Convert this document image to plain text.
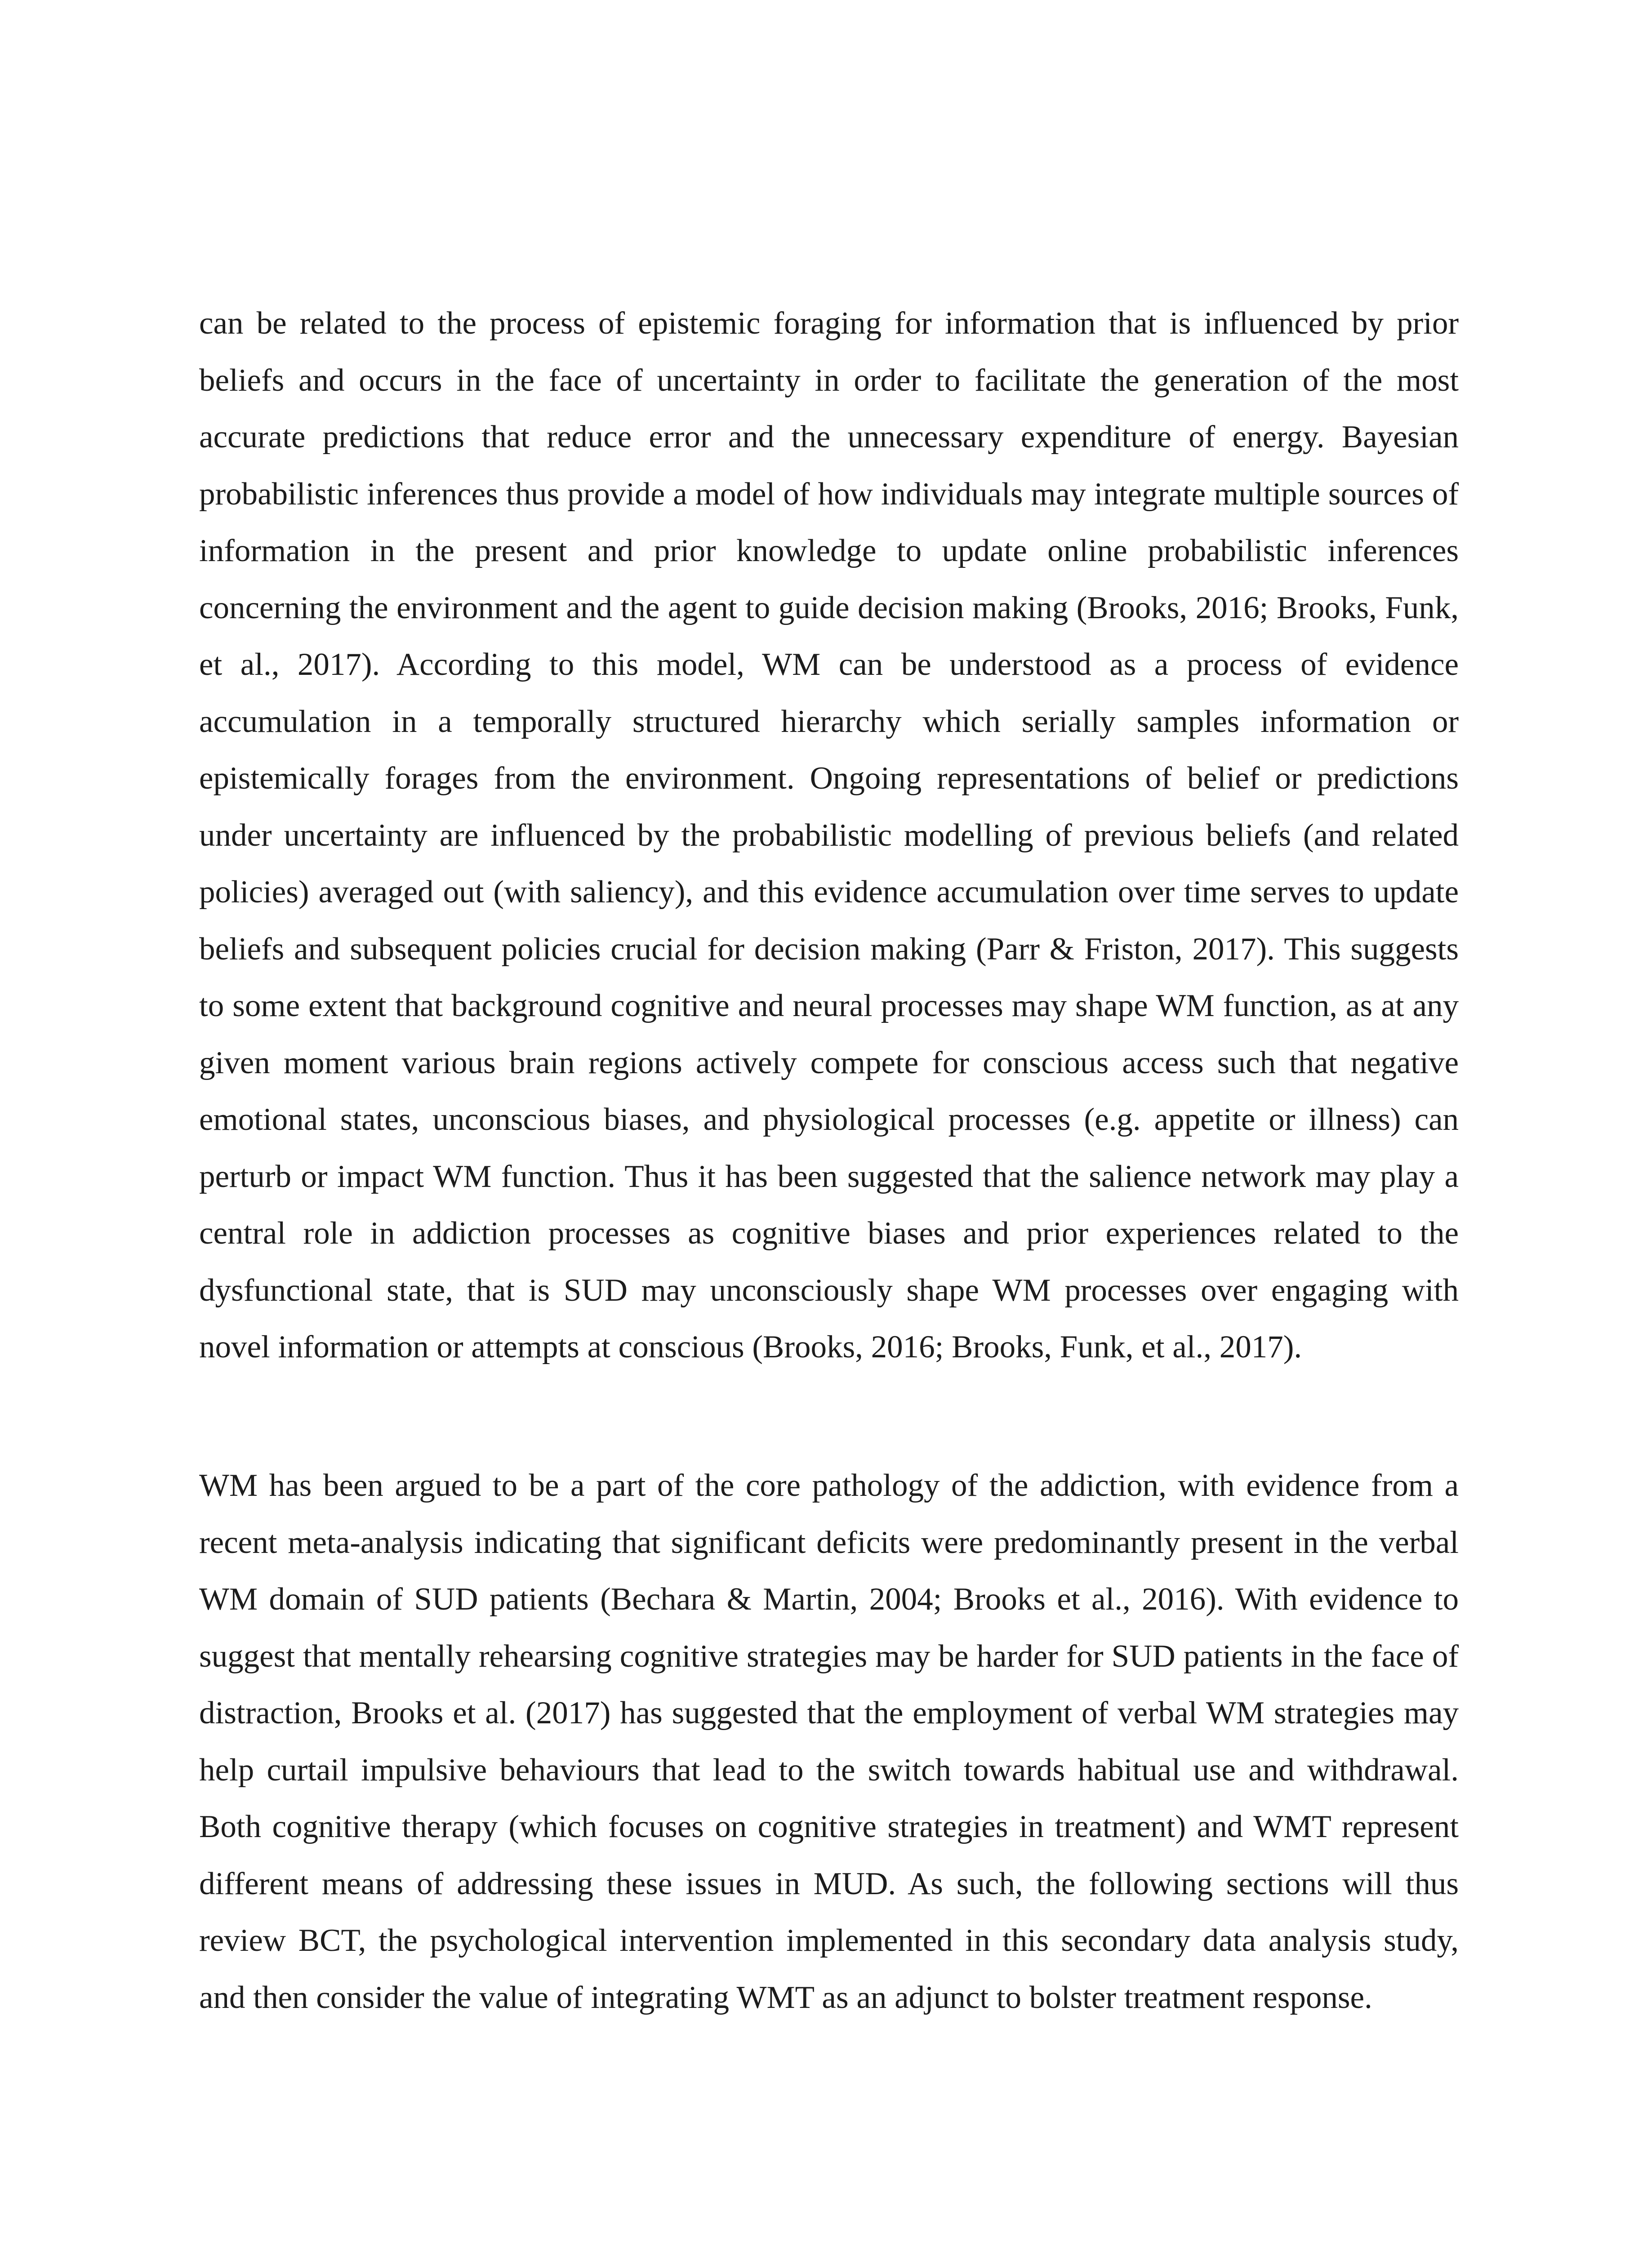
can be related to the process of epistemic foraging for information that is influenced by prior beliefs and occurs in the face of uncertainty in order to facilitate the generation of the most accurate predictions that reduce error and the unnecessary expenditure of energy. Bayesian probabilistic inferences thus provide a model of how individuals may integrate multiple sources of information in the present and prior knowledge to update online probabilistic inferences concerning the environment and the agent to guide decision making (Brooks, 2016; Brooks, Funk, et al., 2017). According to this model, WM can be understood as a process of evidence accumulation in a temporally structured hierarchy which serially samples information or epistemically forages from the environment. Ongoing representations of belief or predictions under uncertainty are influenced by the probabilistic modelling of previous beliefs (and related policies) averaged out (with saliency), and this evidence accumulation over time serves to update beliefs and subsequent policies crucial for decision making (Parr & Friston, 2017). This suggests to some extent that background cognitive and neural processes may shape WM function, as at any given moment various brain regions actively compete for conscious access such that negative emotional states, unconscious biases, and physiological processes (e.g. appetite or illness) can perturb or impact WM function. Thus it has been suggested that the salience network may play a central role in addiction processes as cognitive biases and prior experiences related to the dysfunctional state, that is SUD may unconsciously shape WM processes over engaging with novel information or attempts at conscious (Brooks, 2016; Brooks, Funk, et al., 2017).

WM has been argued to be a part of the core pathology of the addiction, with evidence from a recent meta-analysis indicating that significant deficits were predominantly present in the verbal WM domain of SUD patients (Bechara & Martin, 2004; Brooks et al., 2016). With evidence to suggest that mentally rehearsing cognitive strategies may be harder for SUD patients in the face of distraction, Brooks et al. (2017) has suggested that the employment of verbal WM strategies may help curtail impulsive behaviours that lead to the switch towards habitual use and withdrawal. Both cognitive therapy (which focuses on cognitive strategies in treatment) and WMT represent different means of addressing these issues in MUD. As such, the following sections will thus review BCT, the psychological intervention implemented in this secondary data analysis study, and then consider the value of integrating WMT as an adjunct to bolster treatment response.
